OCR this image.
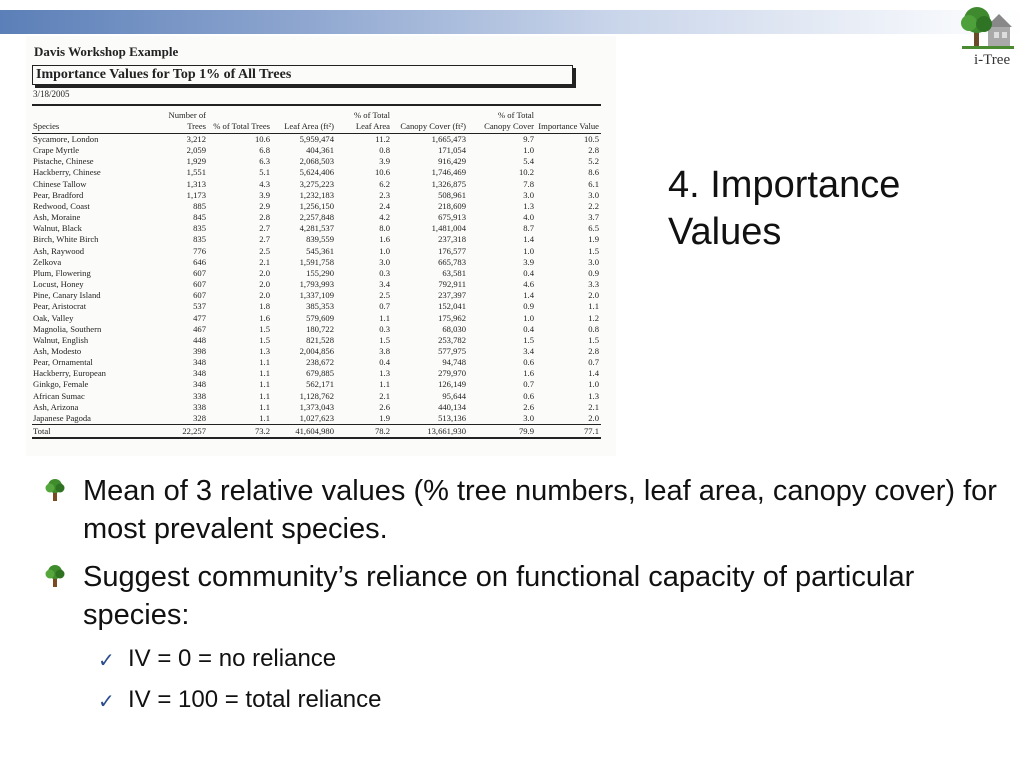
i-Tree
Davis Workshop Example
Importance Values for Top 1% of All Trees
3/18/2005
Species	Number of Trees	% of Total Trees	Leaf Area (ft²)	% of Total Leaf Area	Canopy Cover (ft²)	% of Total Canopy Cover	Importance Value
Sycamore, London	3,212	10.6	5,959,474	11.2	1,665,473	9.7	10.5
Crape Myrtle	2,059	6.8	404,361	0.8	171,054	1.0	2.8
Pistache, Chinese	1,929	6.3	2,068,503	3.9	916,429	5.4	5.2
Hackberry, Chinese	1,551	5.1	5,624,406	10.6	1,746,469	10.2	8.6
Chinese Tallow	1,313	4.3	3,275,223	6.2	1,326,875	7.8	6.1
Pear, Bradford	1,173	3.9	1,232,183	2.3	508,961	3.0	3.0
Redwood, Coast	885	2.9	1,256,150	2.4	218,609	1.3	2.2
Ash, Moraine	845	2.8	2,257,848	4.2	675,913	4.0	3.7
Walnut, Black	835	2.7	4,281,537	8.0	1,481,004	8.7	6.5
Birch, White Birch	835	2.7	839,559	1.6	237,318	1.4	1.9
Ash, Raywood	776	2.5	545,361	1.0	176,577	1.0	1.5
Zelkova	646	2.1	1,591,758	3.0	665,783	3.9	3.0
Plum, Flowering	607	2.0	155,290	0.3	63,581	0.4	0.9
Locust, Honey	607	2.0	1,793,993	3.4	792,911	4.6	3.3
Pine, Canary Island	607	2.0	1,337,109	2.5	237,397	1.4	2.0
Pear, Aristocrat	537	1.8	385,353	0.7	152,041	0.9	1.1
Oak, Valley	477	1.6	579,609	1.1	175,962	1.0	1.2
Magnolia, Southern	467	1.5	180,722	0.3	68,030	0.4	0.8
Walnut, English	448	1.5	821,528	1.5	253,782	1.5	1.5
Ash, Modesto	398	1.3	2,004,856	3.8	577,975	3.4	2.8
Pear, Ornamental	348	1.1	238,672	0.4	94,748	0.6	0.7
Hackberry, European	348	1.1	679,885	1.3	279,970	1.6	1.4
Ginkgo, Female	348	1.1	562,171	1.1	126,149	0.7	1.0
African Sumac	338	1.1	1,128,762	2.1	95,644	0.6	1.3
Ash, Arizona	338	1.1	1,373,043	2.6	440,134	2.6	2.1
Japanese Pagoda	328	1.1	1,027,623	1.9	513,136	3.0	2.0
Total	22,257	73.2	41,604,980	78.2	13,661,930	79.9	77.1
4. Importance Values
Mean of 3 relative values (% tree numbers, leaf area, canopy cover) for most prevalent species.
Suggest community’s reliance on functional capacity of particular species:
✓ IV = 0 = no reliance
✓ IV = 100 = total reliance
